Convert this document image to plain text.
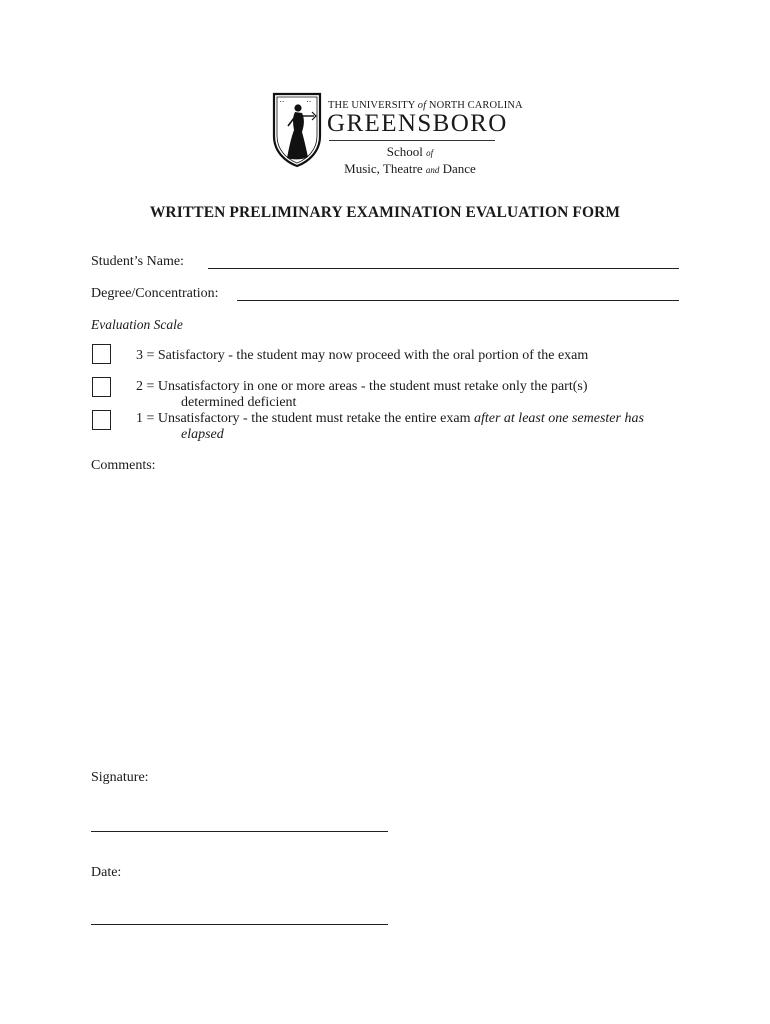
• •	• • THE UNIVERSITY of NORTH CAROLINA
GREENSBORO
School of
Music, Theatre and Dance
WRITTEN PRELIMINARY EXAMINATION EVALUATION FORM
Student’s Name:
Degree/Concentration:
Evaluation Scale
3 = Satisfactory - the student may now proceed with the oral portion of the exam
2 = Unsatisfactory in one or more areas - the student must retake only the part(s)
determined deficient
1 = Unsatisfactory - the student must retake the entire exam after at least one semester has
elapsed
Comments:
Signature:
Date:
